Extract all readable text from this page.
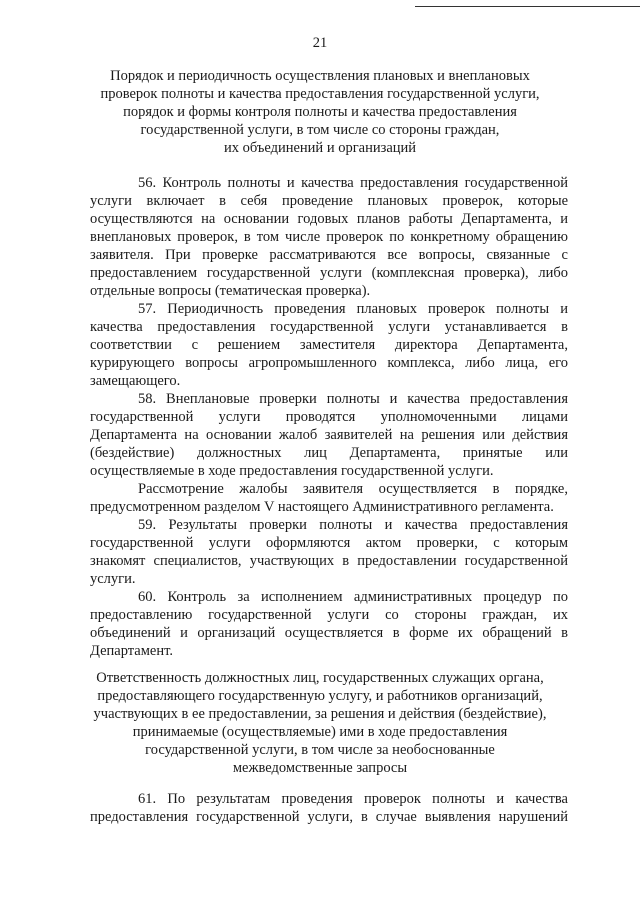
21
Порядок и периодичность осуществления плановых и внеплановых
проверок полноты и качества предоставления государственной услуги,
порядок и формы контроля полноты и качества предоставления
государственной услуги, в том числе со стороны граждан,
их объединений и организаций
56. Контроль полноты и качества предоставления государственной
услуги включает в себя проведение плановых проверок, которые
осуществляются на основании годовых планов работы Департамента, и
внеплановых проверок, в том числе проверок по конкретному обращению
заявителя. При проверке рассматриваются все вопросы, связанные с
предоставлением государственной услуги (комплексная проверка), либо
отдельные вопросы (тематическая проверка).
57. Периодичность проведения плановых проверок полноты и
качества предоставления государственной услуги устанавливается в
соответствии с решением заместителя директора Департамента,
курирующего вопросы агропромышленного комплекса, либо лица, его
замещающего.
58. Внеплановые проверки полноты и качества предоставления
государственной услуги проводятся уполномоченными лицами
Департамента на основании жалоб заявителей на решения или действия
(бездействие) должностных лиц Департамента, принятые или
осуществляемые в ходе предоставления государственной услуги.
Рассмотрение жалобы заявителя осуществляется в порядке,
предусмотренном разделом V настоящего Административного регламента.
59. Результаты проверки полноты и качества предоставления
государственной услуги оформляются актом проверки, с которым
знакомят специалистов, участвующих в предоставлении государственной
услуги.
60. Контроль за исполнением административных процедур по
предоставлению государственной услуги со стороны граждан, их
объединений и организаций осуществляется в форме их обращений в
Департамент.
Ответственность должностных лиц, государственных служащих органа,
предоставляющего государственную услугу, и работников организаций,
участвующих в ее предоставлении, за решения и действия (бездействие),
принимаемые (осуществляемые) ими в ходе предоставления
государственной услуги, в том числе за необоснованные
межведомственные запросы
61. По результатам проведения проверок полноты и качества
предоставления государственной услуги, в случае выявления нарушений
